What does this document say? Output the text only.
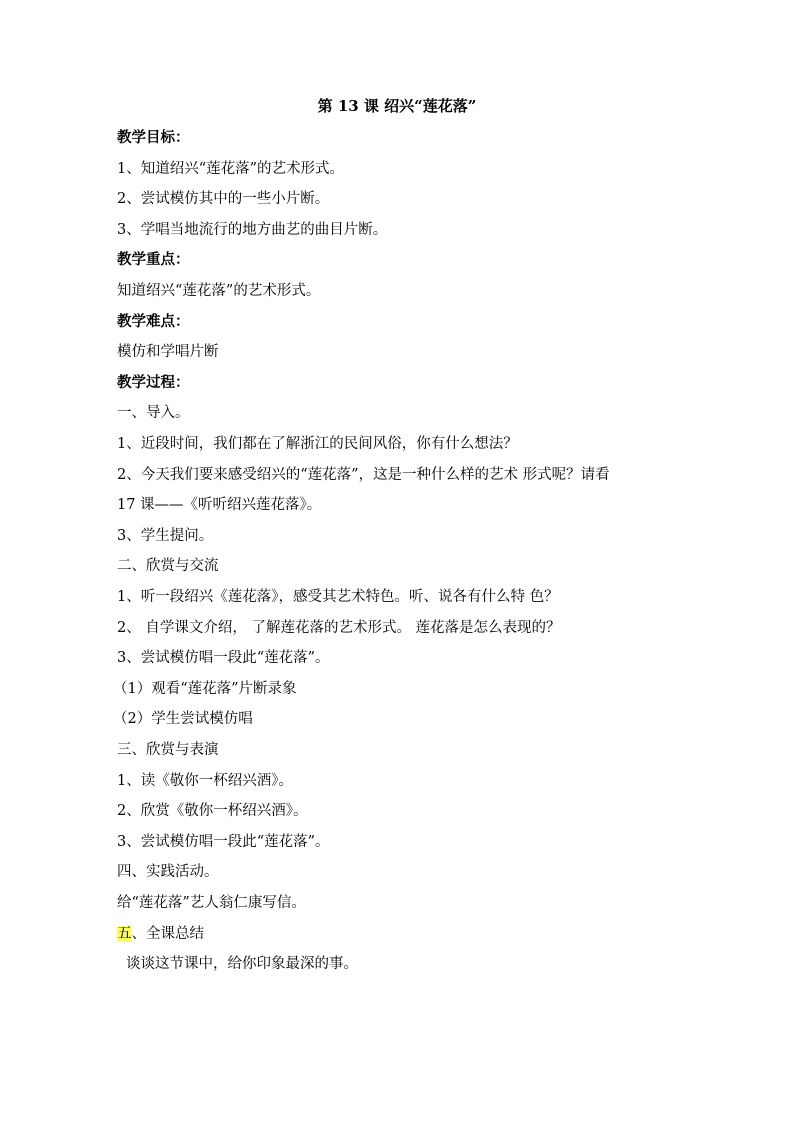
第 13 课 绍兴“莲花落”
教学目标：
1、知道绍兴“莲花落”的艺术形式。
2、尝试模仿其中的一些小片断。
3、学唱当地流行的地方曲艺的曲目片断。
教学重点：
知道绍兴“莲花落”的艺术形式。
教学难点：
模仿和学唱片断
教学过程：
一、导入。
1、近段时间，我们都在了解浙江的民间风俗，你有什么想法？
2、今天我们要来感受绍兴的“莲花落”，这是一种什么样的艺术 形式呢？请看
17 课——《听听绍兴莲花落》。
3、学生提问。
二、欣赏与交流
1、听一段绍兴《莲花落》，感受其艺术特色。听、说各有什么特 色？
2、 自学课文介绍， 了解莲花落的艺术形式。 莲花落是怎么表现的？
3、尝试模仿唱一段此“莲花落”。
（1）观看“莲花落”片断录象
（2）学生尝试模仿唱
三、欣赏与表演
1、读《敬你一杯绍兴酒》。
2、欣赏《敬你一杯绍兴酒》。
3、尝试模仿唱一段此“莲花落”。
四、实践活动。
给“莲花落”艺人翁仁康写信。
五、全课总结
谈谈这节课中，给你印象最深的事。
